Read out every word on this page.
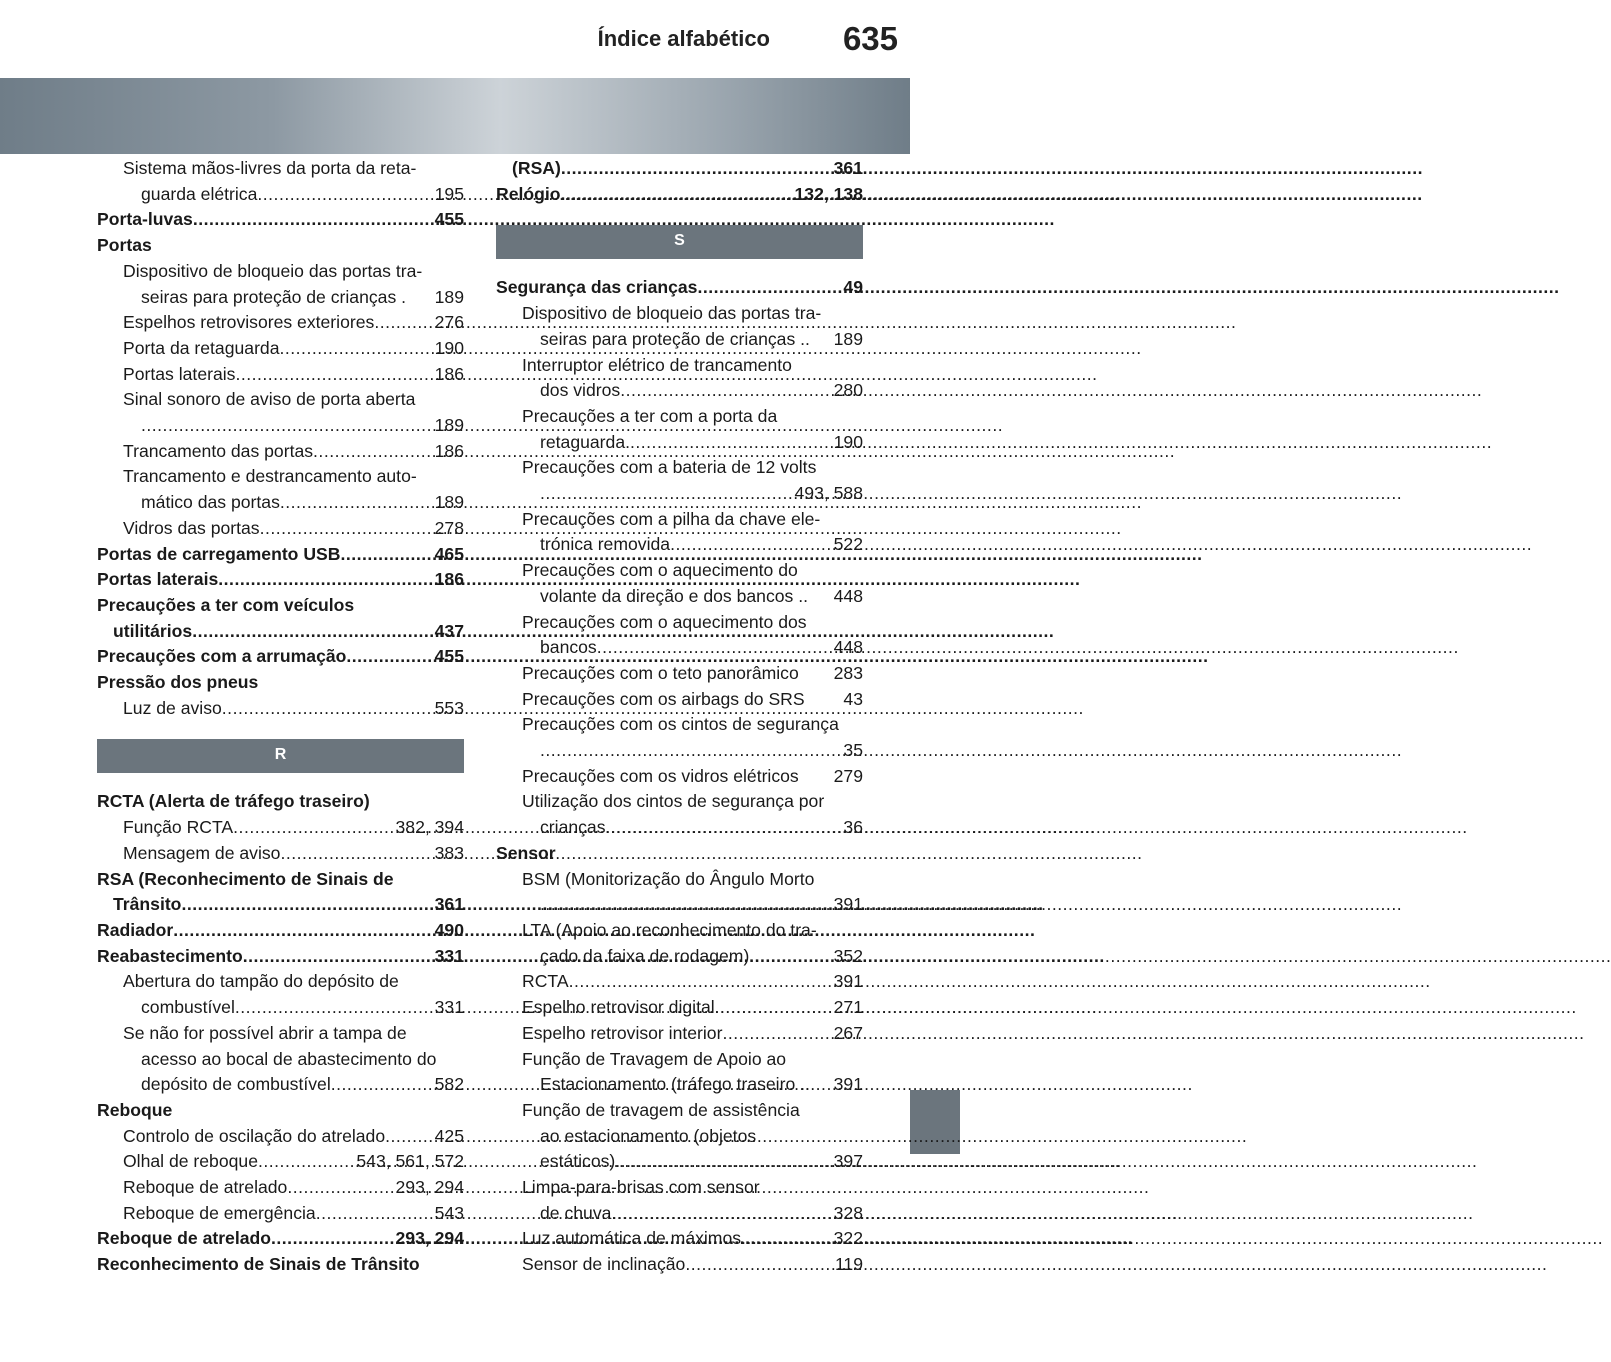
Índice alfabético 635
Sistema mãos-livres da porta da reta-
guarda elétrica .....	195
Porta-luvas .....	455
Portas
Dispositivo de bloqueio das portas tra-
seiras para proteção de crianças . 189
Espelhos retrovisores exteriores .....	276
Porta da retaguarda .....	190
Portas laterais .....	186
Sinal sonoro de aviso de porta aberta
.....
189
Trancamento das portas .....	186
Trancamento e destrancamento auto-
mático das portas .....	189
Vidros das portas .....	278
Portas de carregamento USB .....	465
Portas laterais .....	186
Precauções a ter com veículos
utilitários .....	437
Precauções com a arrumação .....	455
Pressão dos pneus
Luz de aviso .....	553
R
RCTA (Alerta de tráfego traseiro)
Função RCTA .....	382, 394
Mensagem de aviso .....	383
RSA (Reconhecimento de Sinais de
Trânsito .....	361
Radiador .....	490
Reabastecimento .....	331
Abertura do tampão do depósito de
combustível .....	331
Se não for possível abrir a tampa de
acesso ao bocal de abastecimento do
depósito de combustível .....	582
Reboque
Controlo de oscilação do atrelado .....	425
Olhal de reboque .....	543, 561, 572
Reboque de atrelado .....	293, 294
Reboque de emergência .....	543
Reboque de atrelado .....	293, 294
Reconhecimento de Sinais de Trânsito
(RSA) .....	361
Relógio .....	132, 138
S
Segurança das crianças .....	49
Dispositivo de bloqueio das portas tra-
seiras para proteção de crianças .. 189
Interruptor elétrico de trancamento
dos vidros .....	280
Precauções a ter com a porta da
retaguarda. .....	190
Precauções com a bateria de 12 volts
.....
493, 588
Precauções com a pilha da chave ele-
trónica removida .....	522
Precauções com o aquecimento do
volante da direção e dos bancos .. 448
Precauções com o aquecimento dos
bancos .....	448
Precauções com o teto panorâmico 283
Precauções com os airbags do SRS 43
Precauções com os cintos de segurança
.....
35
Precauções com os vidros elétricos 279
Utilização dos cintos de segurança por
crianças .....	36
Sensor
BSM (Monitorização do Ângulo Morto
.....
391
LTA (Apoio ao reconhecimento do tra-
çado da faixa de rodagem) .....	352
RCTA .....	391
Espelho retrovisor digital .....	271
Espelho retrovisor interior .....	267
Função de Travagem de Apoio ao
Estacionamento (tráfego traseiro .. 391
Função de travagem de assistência
ao estacionamento (objetos
estáticos) .....	397
Limpa-para-brisas com sensor
de chuva .....	328
Luz automática de máximos .....	322
Sensor de inclinação .....	119
